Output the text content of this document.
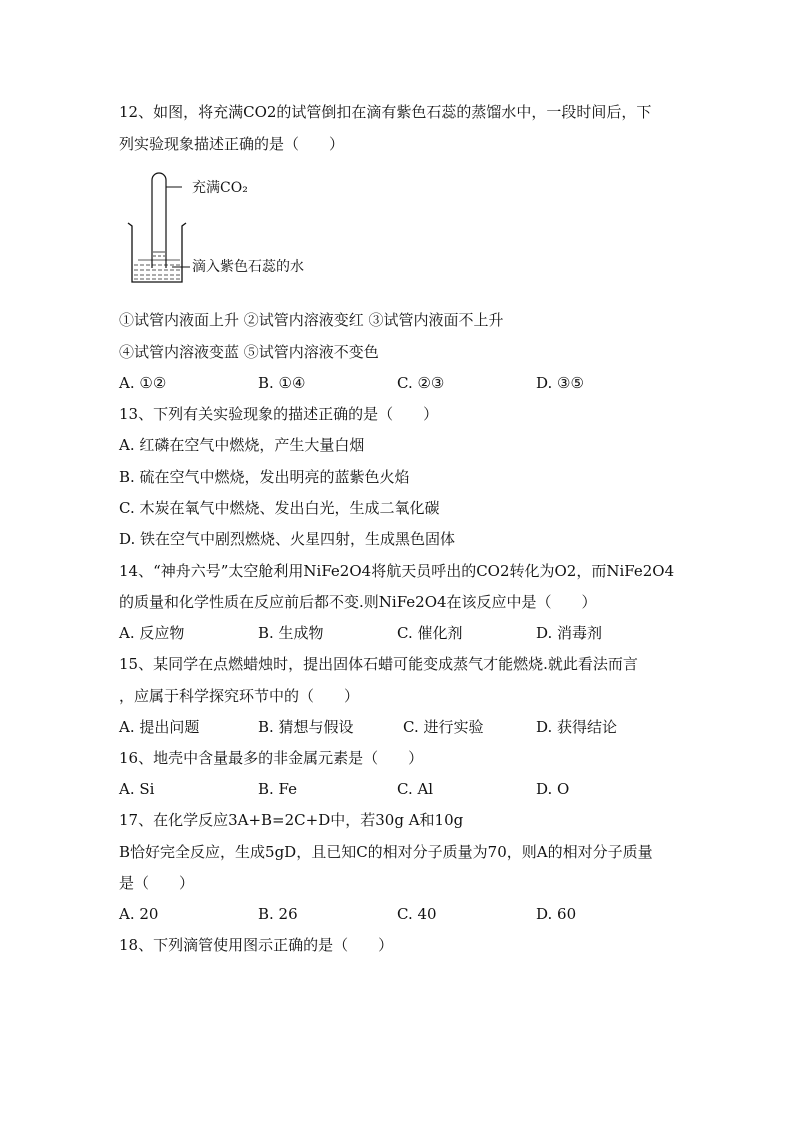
12、如图，将充满CO2的试管倒扣在滴有紫色石蕊的蒸馏水中，一段时间后，下
列实验现象描述正确的是（　　）
充满CO₂
滴入紫色石蕊的水
①试管内液面上升 ②试管内溶液变红 ③试管内液面不上升
④试管内溶液变蓝 ⑤试管内溶液不变色
A. ①②	B. ①④	C. ②③	D. ③⑤
13、下列有关实验现象的描述正确的是（　　）
A. 红磷在空气中燃烧，产生大量白烟
B. 硫在空气中燃烧，发出明亮的蓝紫色火焰
C. 木炭在氧气中燃烧、发出白光，生成二氧化碳
D. 铁在空气中剧烈燃烧、火星四射，生成黑色固体
14、“神舟六号”太空舱利用NiFe2O4将航天员呼出的CO2转化为O2，而NiFe2O4
的质量和化学性质在反应前后都不变.则NiFe2O4在该反应中是（　　）
A. 反应物	B. 生成物	C. 催化剂	D. 消毒剂
15、某同学在点燃蜡烛时，提出固体石蜡可能变成蒸气才能燃烧.就此看法而言
，应属于科学探究环节中的（　　）
A. 提出问题	B. 猜想与假设	C. 进行实验	D. 获得结论
16、地壳中含量最多的非金属元素是（　　）
A. Si	B. Fe	C. Al	D. O
17、在化学反应3A+B=2C+D中，若30g A和10g
B恰好完全反应，生成5gD，且已知C的相对分子质量为70，则A的相对分子质量
是（　　）
A. 20	B. 26	C. 40	D. 60
18、下列滴管使用图示正确的是（　　）
